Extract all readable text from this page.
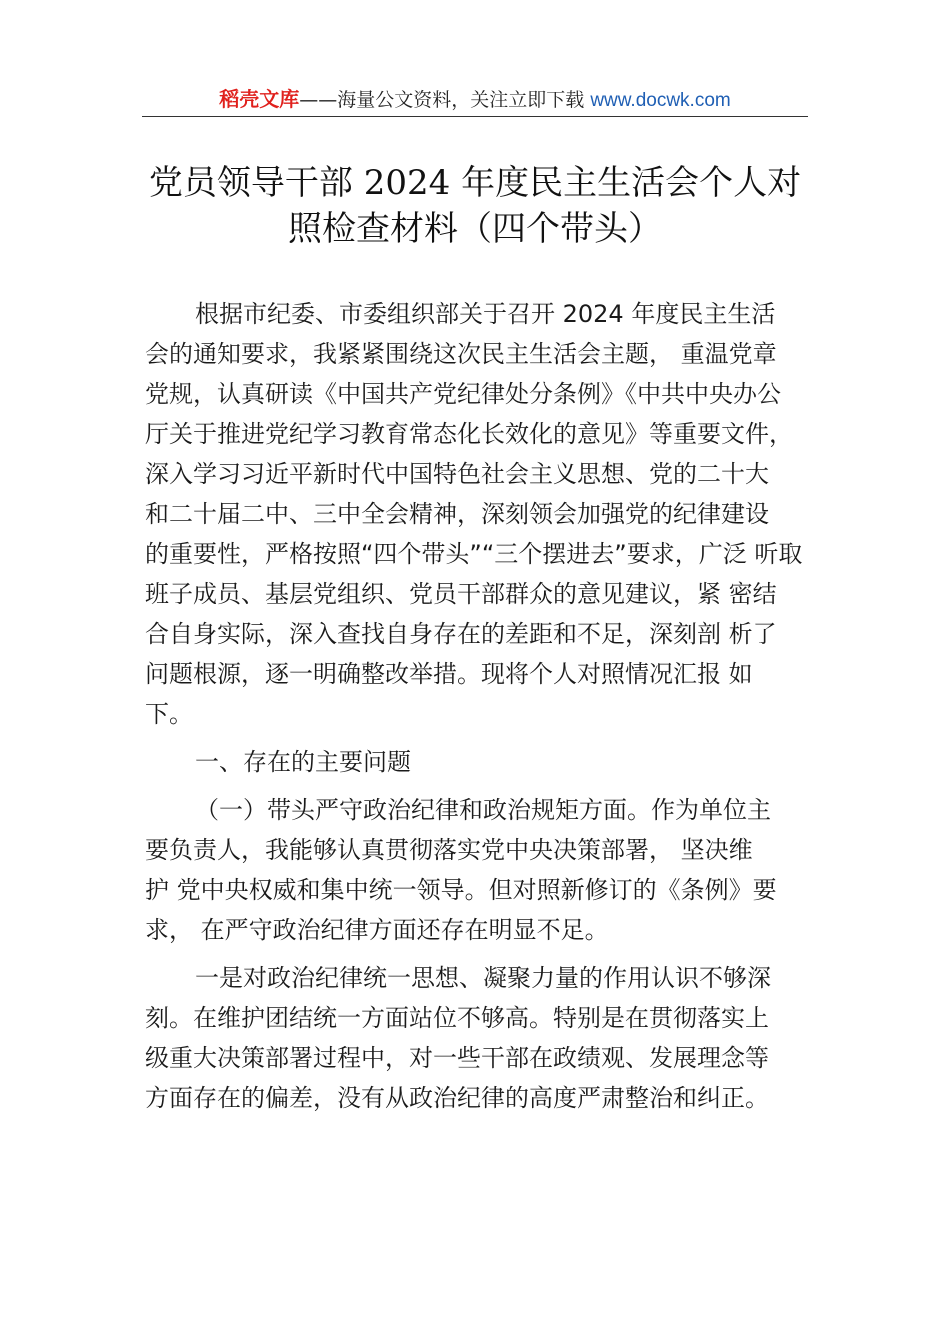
稻壳文库——海量公文资料，关注立即下载 www.docwk.com
党员领导干部 2024 年度民主生活会个人对
照检查材料（四个带头）
根据市纪委、市委组织部关于召开 2024 年度民主生活
会的通知要求，我紧紧围绕这次民主生活会主题， 重温党章
党规，认真研读《中国共产党纪律处分条例》《中共中央办公
厅关于推进党纪学习教育常态化长效化的意见》等重要文件，
深入学习习近平新时代中国特色社会主义思想、党的二十大
和二十届二中、三中全会精神，深刻领会加强党的纪律建设
的重要性，严格按照“四个带头”“三个摆进去”要求，广泛 听取
班子成员、基层党组织、党员干部群众的意见建议，紧 密结
合自身实际，深入查找自身存在的差距和不足，深刻剖 析了
问题根源，逐一明确整改举措。现将个人对照情况汇报 如
下。
一、存在的主要问题
（一）带头严守政治纪律和政治规矩方面。作为单位主
要负责人，我能够认真贯彻落实党中央决策部署， 坚决维
护 党中央权威和集中统一领导。但对照新修订的《条例》要
求， 在严守政治纪律方面还存在明显不足。
一是对政治纪律统一思想、凝聚力量的作用认识不够深
刻。在维护团结统一方面站位不够高。特别是在贯彻落实上
级重大决策部署过程中，对一些干部在政绩观、发展理念等
方面存在的偏差，没有从政治纪律的高度严肃整治和纠正。
